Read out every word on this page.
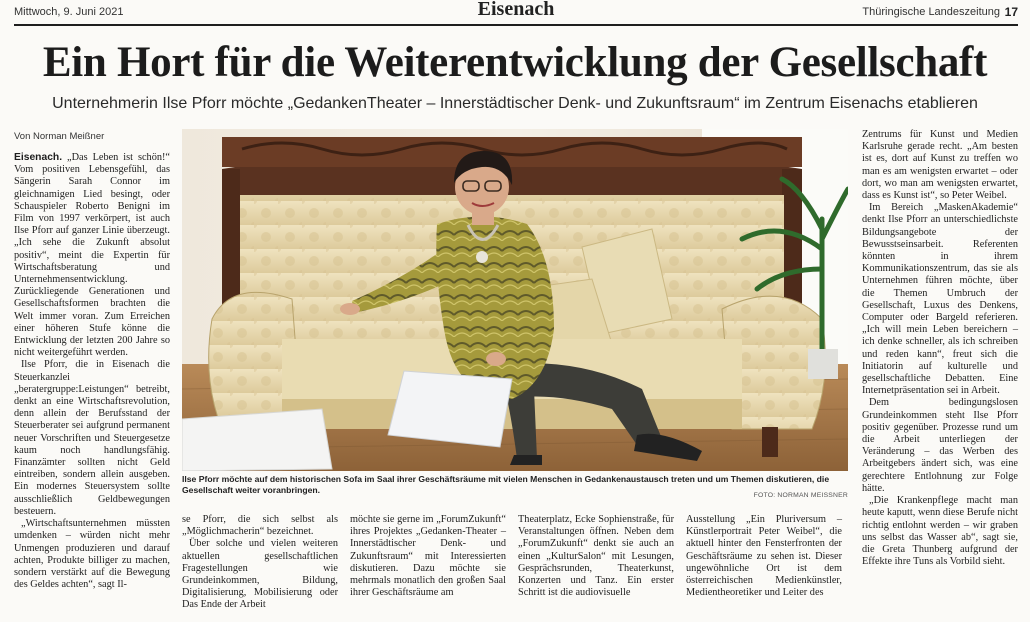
Mittwoch, 9. Juni 2021	Eisenach	Thüringische Landeszeitung 17
Ein Hort für die Weiterentwicklung der Gesellschaft
Unternehmerin Ilse Pforr möchte „GedankenTheater – Innerstädtischer Denk- und Zukunftsraum“ im Zentrum Eisenachs etablieren
Von Norman Meißner

Eisenach. „Das Leben ist schön!“ Vom positiven Lebensgefühl, das Sängerin Sarah Connor im gleichnamigen Lied besingt, oder Schauspieler Roberto Benigni im Film von 1997 verkörpert, ist auch Ilse Pforr auf ganzer Linie überzeugt. „Ich sehe die Zukunft absolut positiv“, meint die Expertin für Wirtschaftsberatung und Unternehmensentwicklung. Zurückliegende Generationen und Gesellschaftsformen brachten die Welt immer voran. Zum Erreichen einer höheren Stufe könne die Entwicklung der letzten 200 Jahre so nicht weitergeführt werden.

Ilse Pforr, die in Eisenach die Steuerkanzlei „beratergruppe:Leistungen“ betreibt, denkt an eine Wirtschaftsrevolution, denn allein der Berufsstand der Steuerberater sei aufgrund permanent neuer Vorschriften und Steuergesetze kaum noch handlungsfähig. Finanzämter sollten nicht Geld eintreiben, sondern allein ausgeben. Ein modernes Steuersystem sollte ausschließlich Geldbewegungen besteuern.

„Wirtschaftsunternehmen müssten umdenken – würden nicht mehr Unmengen produzieren und darauf achten, Produkte billiger zu machen, sondern verstärkt auf die Bewegung des Geldes achten“, sagt Il-

Ilse Pforr möchte auf dem historischen Sofa im Saal ihrer Geschäftsräume mit vielen Menschen in Gedankenaustausch treten und um Themen diskutieren, die Gesellschaft weiter voranbringen.
FOTO: NORMAN MEISSNER

se Pforr, die sich selbst als „Möglichmacherin“ bezeichnet.

Über solche und vielen weiteren aktuellen gesellschaftlichen Fragestellungen wie Grundeinkommen, Bildung, Digitalisierung, Mobilisierung oder Das Ende der Arbeit

möchte sie gerne im „ForumZukunft“ ihres Projektes „Gedanken-Theater – Innerstädtischer Denk- und Zukunftsraum“ mit Interessierten diskutieren. Dazu möchte sie mehrmals monatlich den großen Saal ihrer Geschäftsräume am

Theaterplatz, Ecke Sophienstraße, für Veranstaltungen öffnen. Neben dem „ForumZukunft“ denkt sie auch an einen „KulturSalon“ mit Lesungen, Gesprächsrunden, Theaterkunst, Konzerten und Tanz. Ein erster Schritt ist die audiovisuelle

Ausstellung „Ein Pluriversum – Künstlerportrait Peter Weibel“, die aktuell hinter den Fensterfronten der Geschäftsräume zu sehen ist. Dieser ungewöhnliche Ort ist dem österreichischen Medienkünstler, Medientheoretiker und Leiter des

Zentrums für Kunst und Medien Karlsruhe gerade recht. „Am besten ist es, dort auf Kunst zu treffen wo man es am wenigsten erwartet – oder dort, wo man am wenigsten erwartet, dass es Kunst ist“, so Peter Weibel.

Im Bereich „MaskenAkademie“ denkt Ilse Pforr an unterschiedlichste Bildungsangebote der Bewusstseinsarbeit. Referenten könnten in ihrem Kommunikationszentrum, das sie als Unternehmen führen möchte, über die Themen Umbruch der Gesellschaft, Luxus des Denkens, Computer oder Bargeld referieren. „Ich will mein Leben bereichern – ich denke schneller, als ich schreiben und reden kann“, freut sich die Initiatorin auf kulturelle und gesellschaftliche Debatten. Eine Internetpräsentation sei in Arbeit.

Dem bedingungslosen Grundeinkommen steht Ilse Pforr positiv gegenüber. Prozesse rund um die Arbeit unterliegen der Veränderung – das Werben des Arbeitgebers ändert sich, was eine gerechtere Entlohnung zur Folge hätte.

„Die Krankenpflege macht man heute kaputt, wenn diese Berufe nicht richtig entlohnt werden – wir graben uns selbst das Wasser ab“, sagt sie, die Greta Thunberg aufgrund der Effekte ihre Tuns als Vorbild sieht.
